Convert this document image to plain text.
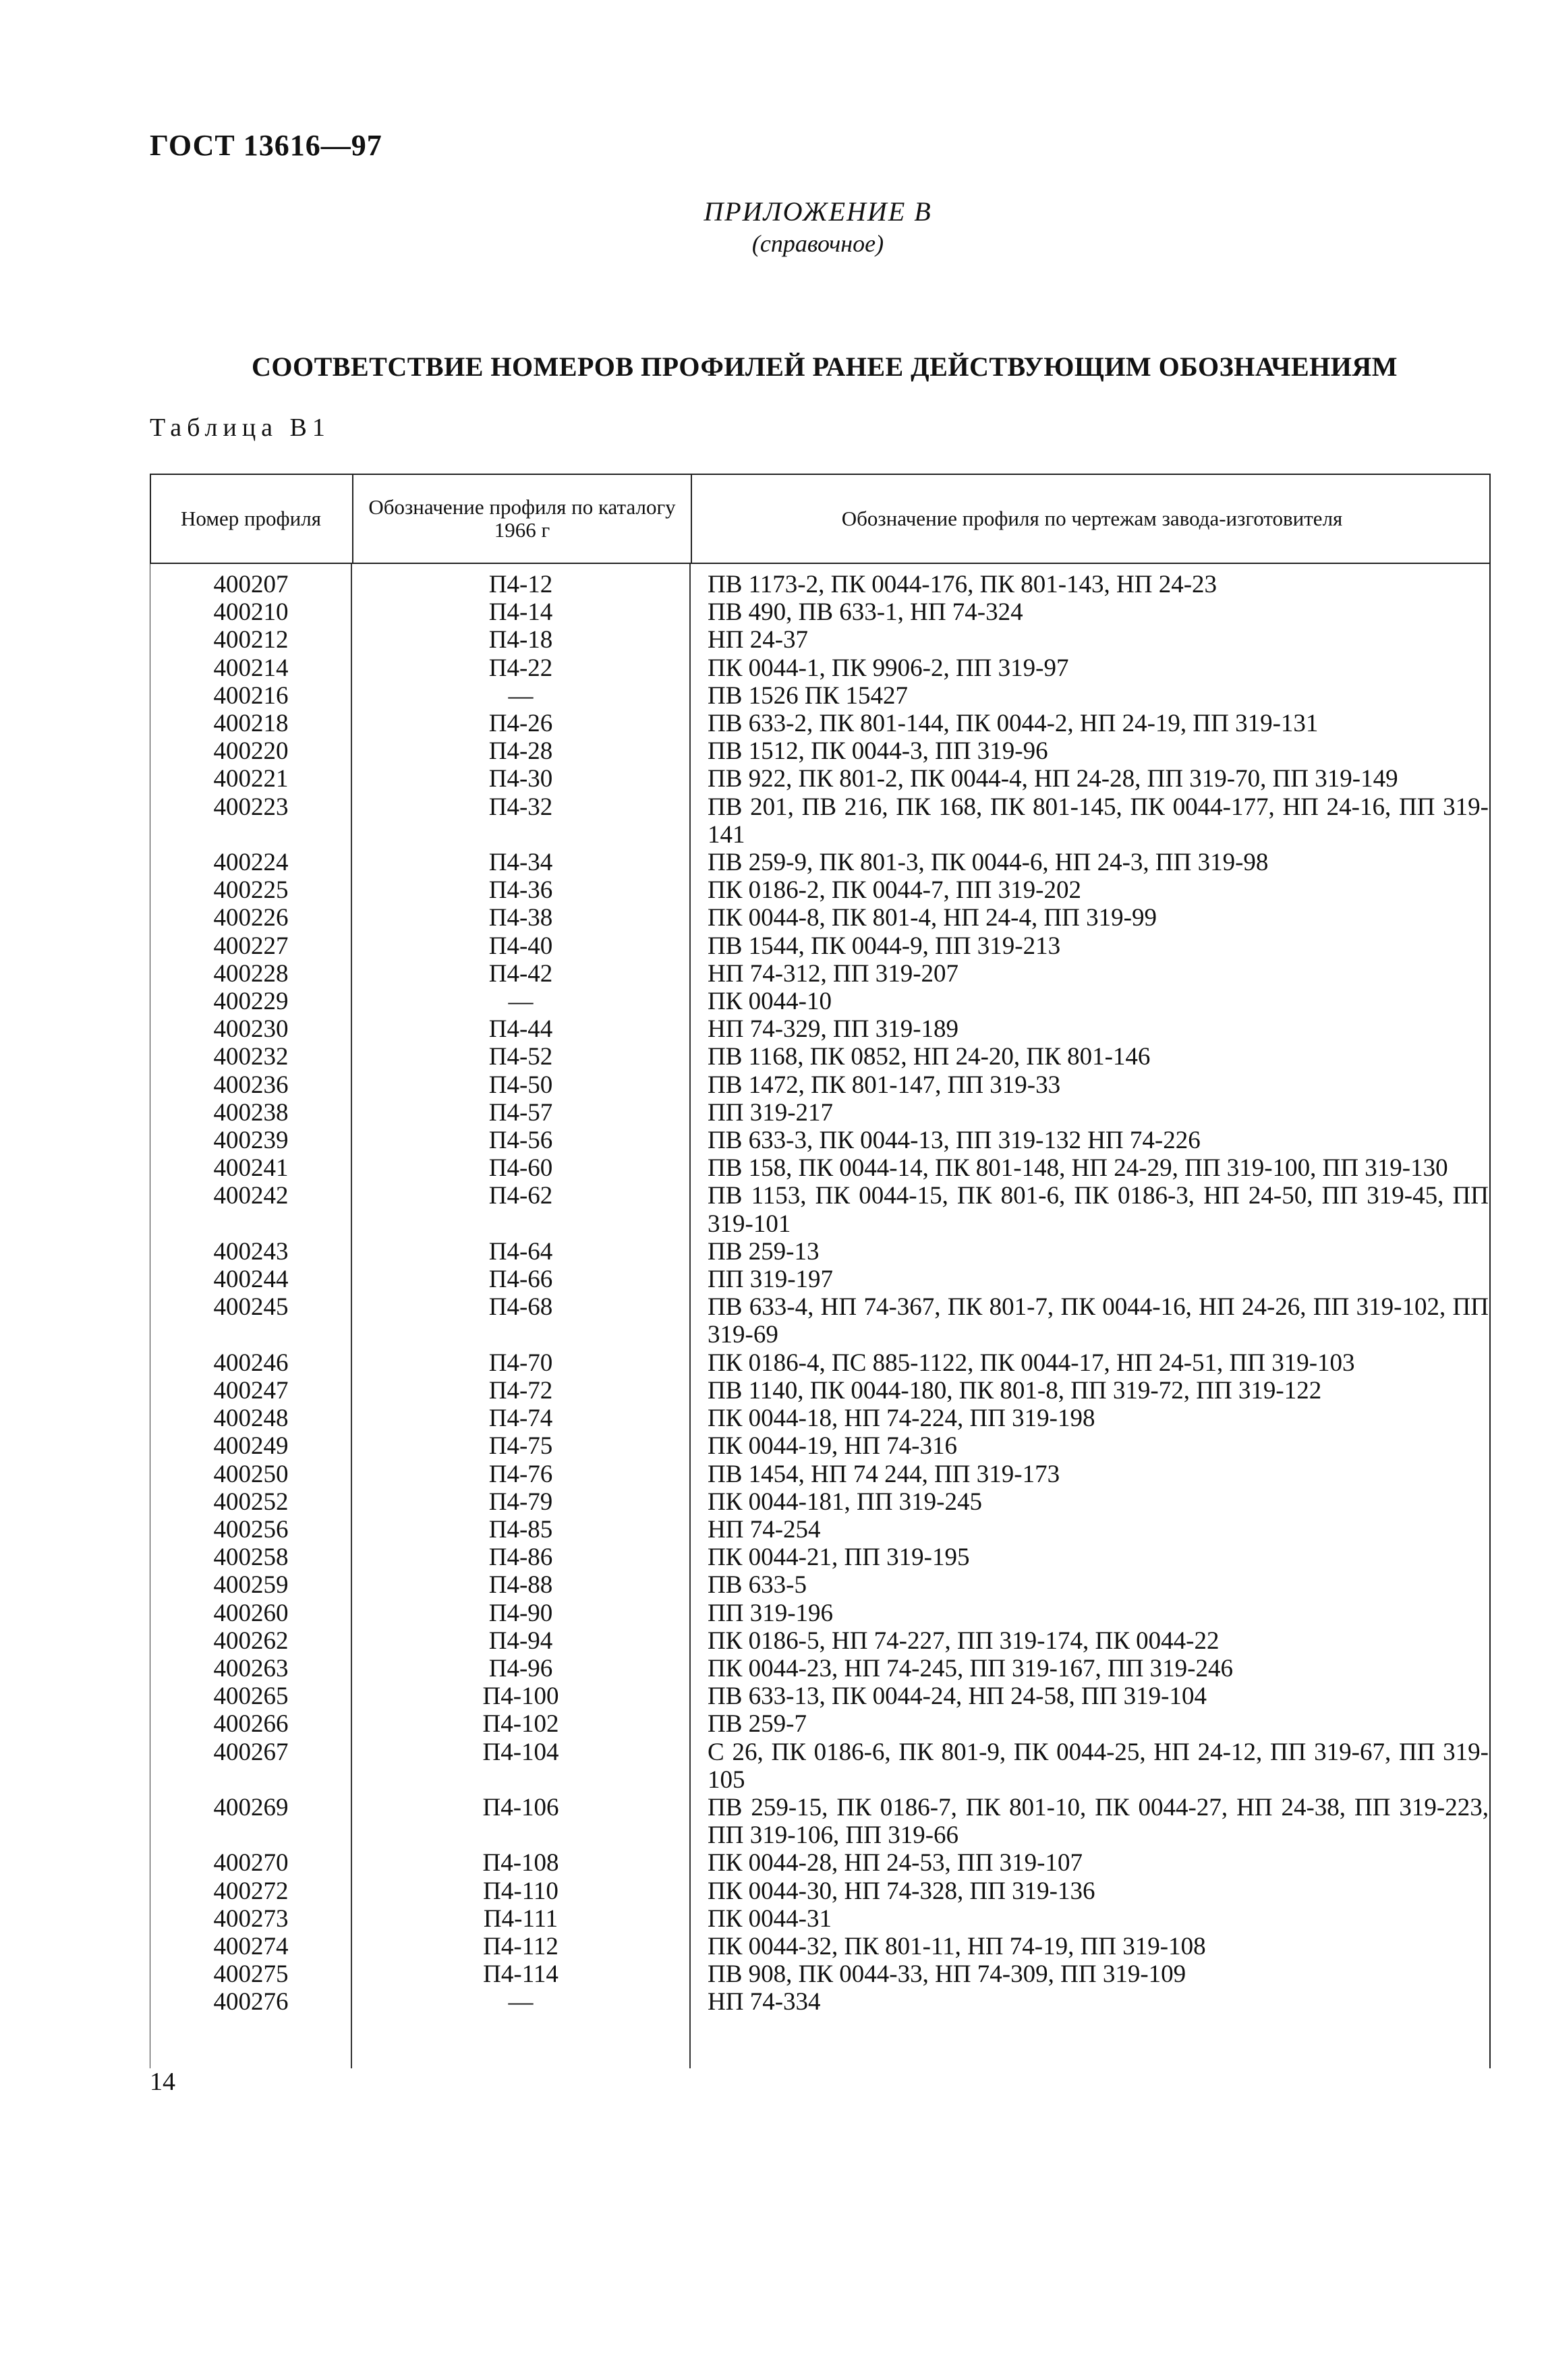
ГОСТ 13616—97
ПРИЛОЖЕНИЕ В
(справочное)
СООТВЕТСТВИЕ НОМЕРОВ ПРОФИЛЕЙ РАНЕЕ ДЕЙСТВУЮЩИМ ОБОЗНАЧЕНИЯМ
Таблица В1
Номер профиля	Обозначение профиля по каталогу 1966 г	Обозначение профиля по чертежам завода-изготовителя
400207	П4-12	ПВ 1173-2, ПК 0044-176, ПК 801-143, НП 24-23
400210	П4-14	ПВ 490, ПВ 633-1, НП 74-324
400212	П4-18	НП 24-37
400214	П4-22	ПК 0044-1, ПК 9906-2, ПП 319-97
400216	—	ПВ 1526 ПК 15427
400218	П4-26	ПВ 633-2, ПК 801-144, ПК 0044-2, НП 24-19, ПП 319-131
400220	П4-28	ПВ 1512, ПК 0044-3, ПП 319-96
400221	П4-30	ПВ 922, ПК 801-2, ПК 0044-4, НП 24-28, ПП 319-70, ПП 319-149
400223	П4-32	ПВ 201, ПВ 216, ПК 168, ПК 801-145, ПК 0044-177, НП 24-16, ПП 319-141
400224	П4-34	ПВ 259-9, ПК 801-3, ПК 0044-6, НП 24-3, ПП 319-98
400225	П4-36	ПК 0186-2, ПК 0044-7, ПП 319-202
400226	П4-38	ПК 0044-8, ПК 801-4, НП 24-4, ПП 319-99
400227	П4-40	ПВ 1544, ПК 0044-9, ПП 319-213
400228	П4-42	НП 74-312, ПП 319-207
400229	—	ПК 0044-10
400230	П4-44	НП 74-329, ПП 319-189
400232	П4-52	ПВ 1168, ПК 0852, НП 24-20, ПК 801-146
400236	П4-50	ПВ 1472, ПК 801-147, ПП 319-33
400238	П4-57	ПП 319-217
400239	П4-56	ПВ 633-3, ПК 0044-13, ПП 319-132 НП 74-226
400241	П4-60	ПВ 158, ПК 0044-14, ПК 801-148, НП 24-29, ПП 319-100, ПП 319-130
400242	П4-62	ПВ 1153, ПК 0044-15, ПК 801-6, ПК 0186-3, НП 24-50, ПП 319-45, ПП 319-101
400243	П4-64	ПВ 259-13
400244	П4-66	ПП 319-197
400245	П4-68	ПВ 633-4, НП 74-367, ПК 801-7, ПК 0044-16, НП 24-26, ПП 319-102, ПП 319-69
400246	П4-70	ПК 0186-4, ПС 885-1122, ПК 0044-17, НП 24-51, ПП 319-103
400247	П4-72	ПВ 1140, ПК 0044-180, ПК 801-8, ПП 319-72, ПП 319-122
400248	П4-74	ПК 0044-18, НП 74-224, ПП 319-198
400249	П4-75	ПК 0044-19, НП 74-316
400250	П4-76	ПВ 1454, НП 74 244, ПП 319-173
400252	П4-79	ПК 0044-181, ПП 319-245
400256	П4-85	НП 74-254
400258	П4-86	ПК 0044-21, ПП 319-195
400259	П4-88	ПВ 633-5
400260	П4-90	ПП 319-196
400262	П4-94	ПК 0186-5, НП 74-227, ПП 319-174, ПК 0044-22
400263	П4-96	ПК 0044-23, НП 74-245, ПП 319-167, ПП 319-246
400265	П4-100	ПВ 633-13, ПК 0044-24, НП 24-58, ПП 319-104
400266	П4-102	ПВ 259-7
400267	П4-104	С 26, ПК 0186-6, ПК 801-9, ПК 0044-25, НП 24-12, ПП 319-67, ПП 319-105
400269	П4-106	ПВ 259-15, ПК 0186-7, ПК 801-10, ПК 0044-27, НП 24-38, ПП 319-223, ПП 319-106, ПП 319-66
400270	П4-108	ПК 0044-28, НП 24-53, ПП 319-107
400272	П4-110	ПК 0044-30, НП 74-328, ПП 319-136
400273	П4-111	ПК 0044-31
400274	П4-112	ПК 0044-32, ПК 801-11, НП 74-19, ПП 319-108
400275	П4-114	ПВ 908, ПК 0044-33, НП 74-309, ПП 319-109
400276	—	НП 74-334
14
